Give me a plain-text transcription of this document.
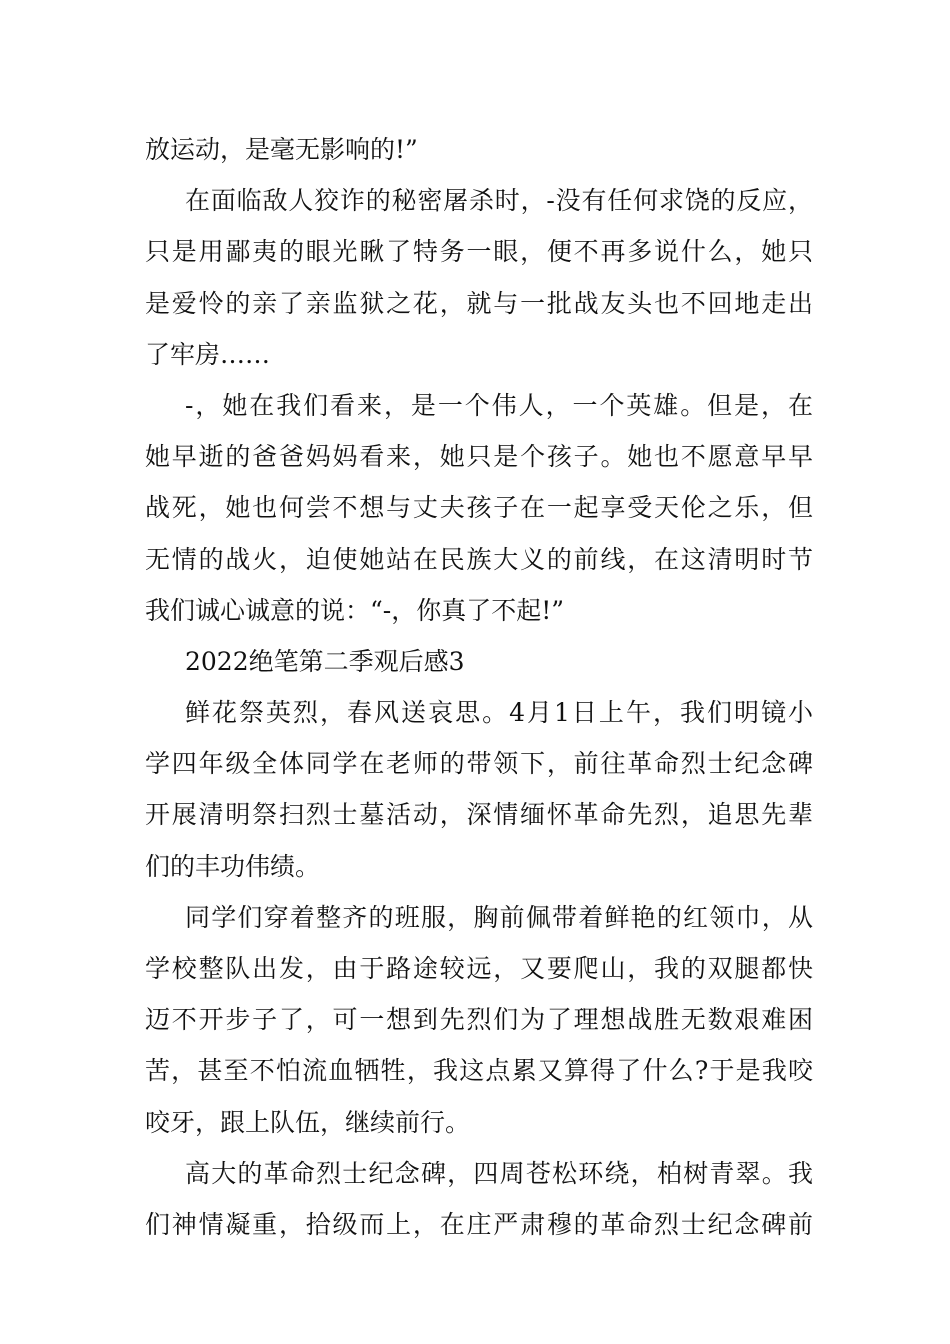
放运动，是毫无影响的!”
在面临敌人狡诈的秘密屠杀时，-没有任何求饶的反应，
只是用鄙夷的眼光瞅了特务一眼，便不再多说什么，她只
是爱怜的亲了亲监狱之花，就与一批战友头也不回地走出
了牢房……
-，她在我们看来，是一个伟人，一个英雄。但是，在
她早逝的爸爸妈妈看来，她只是个孩子。她也不愿意早早
战死，她也何尝不想与丈夫孩子在一起享受天伦之乐，但
无情的战火，迫使她站在民族大义的前线，在这清明时节
我们诚心诚意的说：“-，你真了不起!”
2022绝笔第二季观后感3
鲜花祭英烈，春风送哀思。4月1日上午，我们明镜小
学四年级全体同学在老师的带领下，前往革命烈士纪念碑
开展清明祭扫烈士墓活动，深情缅怀革命先烈，追思先辈
们的丰功伟绩。
同学们穿着整齐的班服，胸前佩带着鲜艳的红领巾，从
学校整队出发，由于路途较远，又要爬山，我的双腿都快
迈不开步子了，可一想到先烈们为了理想战胜无数艰难困
苦，甚至不怕流血牺牲，我这点累又算得了什么?于是我咬
咬牙，跟上队伍，继续前行。
高大的革命烈士纪念碑，四周苍松环绕，柏树青翠。我
们神情凝重，拾级而上，在庄严肃穆的革命烈士纪念碑前
